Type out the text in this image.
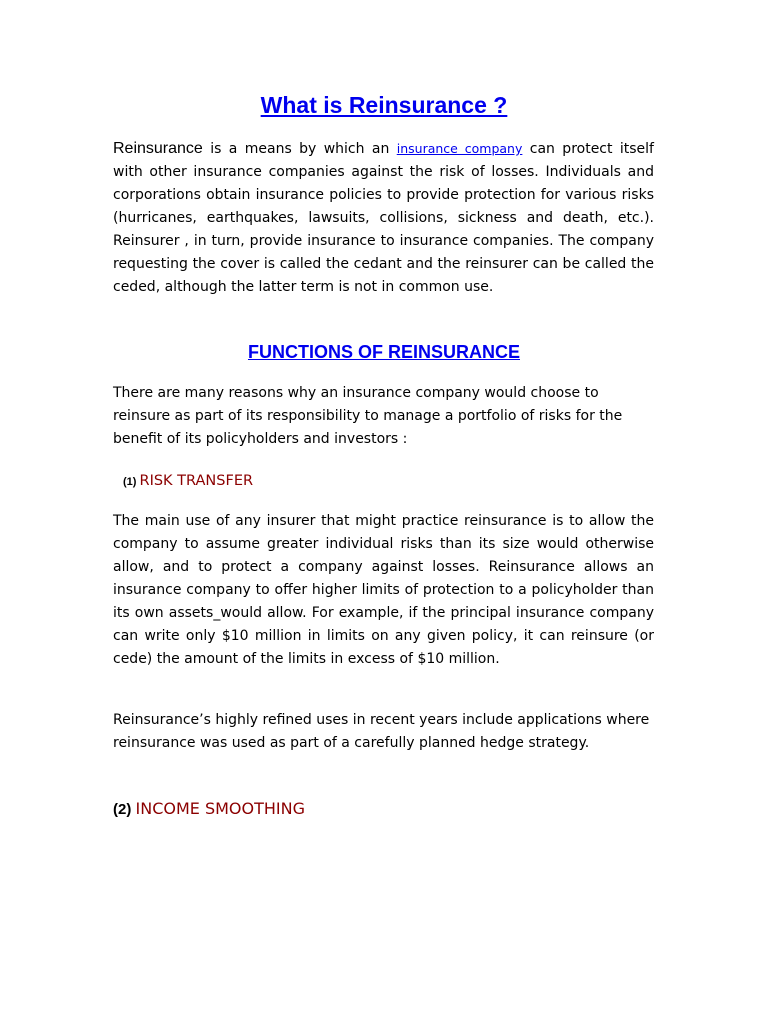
What is Reinsurance ?

Reinsurance is a means by which an insurance company can protect itself with other insurance companies against the risk of losses. Individuals and corporations obtain insurance policies to provide protection for various risks (hurricanes, earthquakes, lawsuits, collisions, sickness and death, etc.). Reinsurer , in turn, provide insurance to insurance companies. The company requesting the cover is called the cedant and the reinsurer can be called the ceded, although the latter term is not in common use.

FUNCTIONS OF REINSURANCE

There are many reasons why an insurance company would choose to reinsure as part of its responsibility to manage a portfolio of risks for the benefit of its policyholders and investors :

(1) RISK TRANSFER

The main use of any insurer that might practice reinsurance is to allow the company to assume greater individual risks than its size would otherwise allow, and to protect a company against losses. Reinsurance allows an insurance company to offer higher limits of protection to a policyholder than its own assets_would allow. For example, if the principal insurance company can write only $10 million in limits on any given policy, it can reinsure (or cede) the amount of the limits in excess of $10 million.

Reinsurance’s highly refined uses in recent years include applications where reinsurance was used as part of a carefully planned hedge strategy.

(2) INCOME SMOOTHING
